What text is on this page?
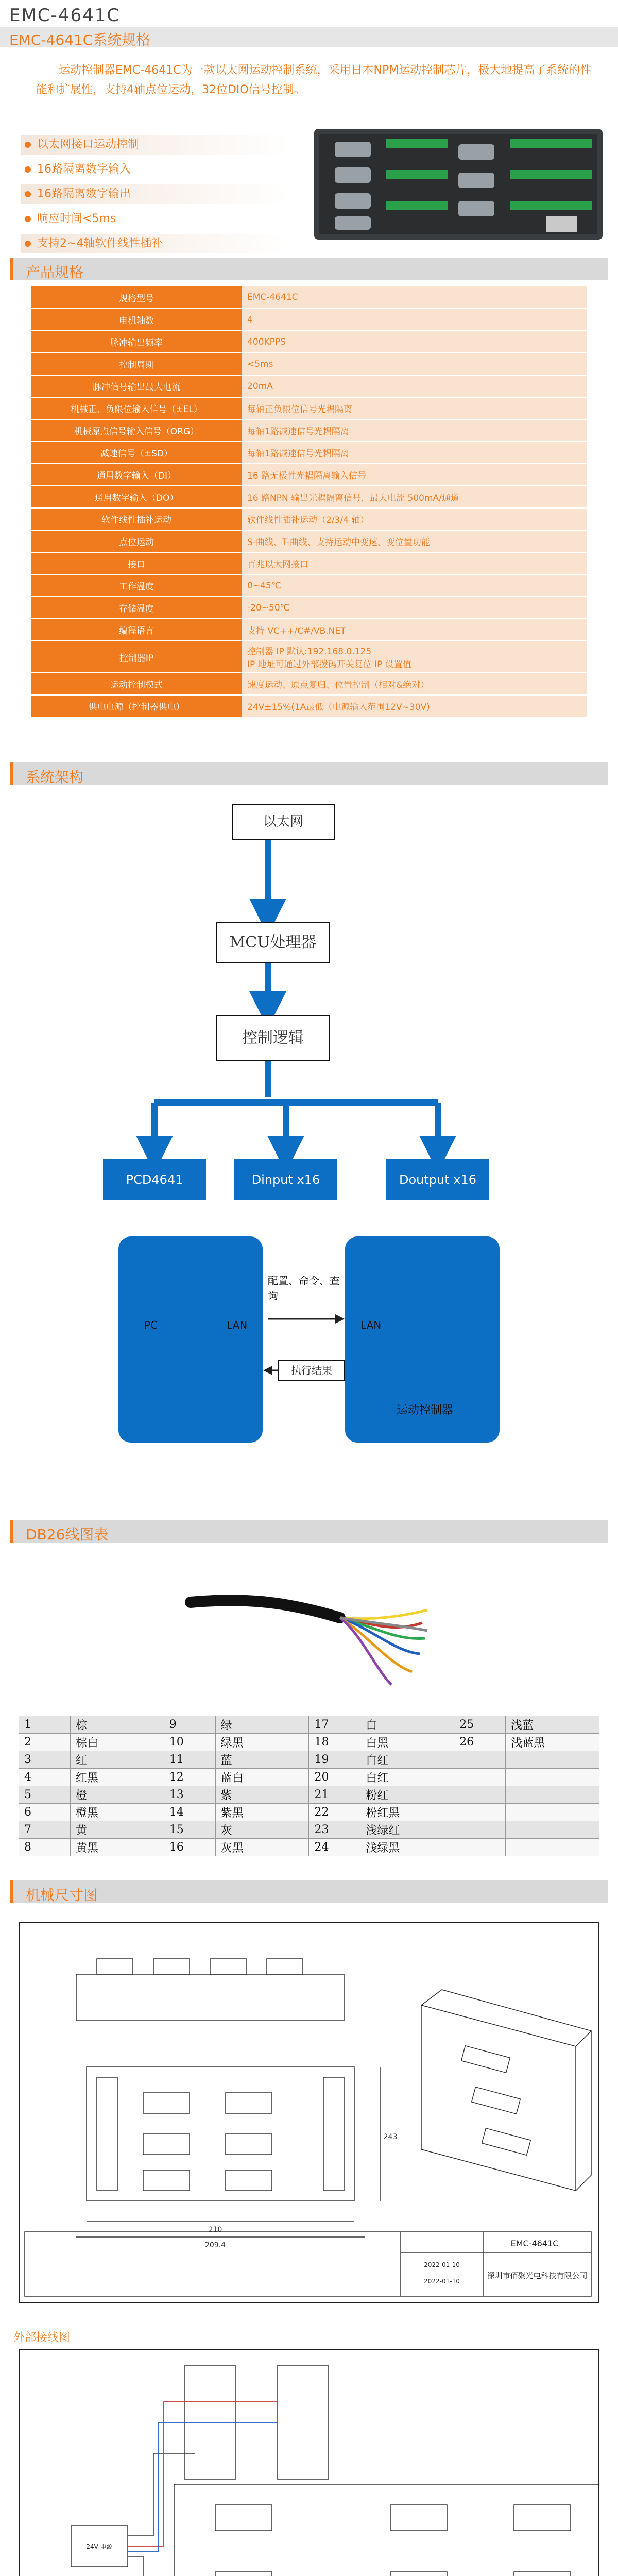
EMC-4641C
EMC-4641C系统规格

运动控制器EMC-4641C为一款以太网运动控制系统，采用日本NPM运动控制芯片，极大地提高了系统的性能和扩展性，支持4轴点位运动，32位DIO信号控制。

以太网接口运动控制
16路隔离数字输入
16路隔离数字输出
响应时间<5ms
支持2~4轴软件线性插补
产品规格
规格型号	EMC-4641C
电机轴数	4
脉冲输出频率	400KPPS
控制周期	<5ms
脉冲信号输出最大电流	20mA
机械正、负限位输入信号（±EL）	每轴正负限位信号光耦隔离
机械原点信号输入信号（ORG）	每轴1路减速信号光耦隔离
减速信号（±SD）	每轴1路减速信号光耦隔离
通用数字输入（DI）	16 路无极性光耦隔离输入信号
通用数字输入（DO）	16 路NPN 输出光耦隔离信号，最大电流 500mA/通道
软件线性插补运动	软件线性插补运动（2/3/4 轴）
点位运动	S-曲线、T-曲线、支持运动中变速、变位置功能
接口	百兆以太网接口
工作温度	0~45℃
存储温度	-20~50℃
编程语言	支持 VC++/C#/VB.NET
控制器IP	控制器 IP 默认:192.168.0.125
IP 地址可通过外部拨码开关复位 IP 设置值
运动控制模式	速度运动、原点复归、位置控制（相对&绝对）
供电电源（控制器供电）	24V±15%(1A最低（电源输入范围12V~30V)
系统架构
以太网
MCU处理器
控制逻辑
PCD4641	Dinput x16	Doutput x16
PC	LAN	LAN
配置、命令、查询
执行结果
运动控制器
DB26线图表
1	棕	9	绿	17	白	25	浅蓝
2	棕白	10	绿黑	18	白黑	26	浅蓝黑
3	红	11	蓝	19	白红		
4	红黑	12	蓝白	20	白红		
5	橙	13	紫	21	粉红		
6	橙黑	14	紫黑	22	粉红黑		
7	黄	15	灰	23	浅绿红		
8	黄黑	16	灰黑	24	浅绿黑		
机械尺寸图
210
209.4
243
EMC-4641C
深圳市佰聚光电科技有限公司
2022-01-10
2022-01-10
外部接线图
24V 电源
